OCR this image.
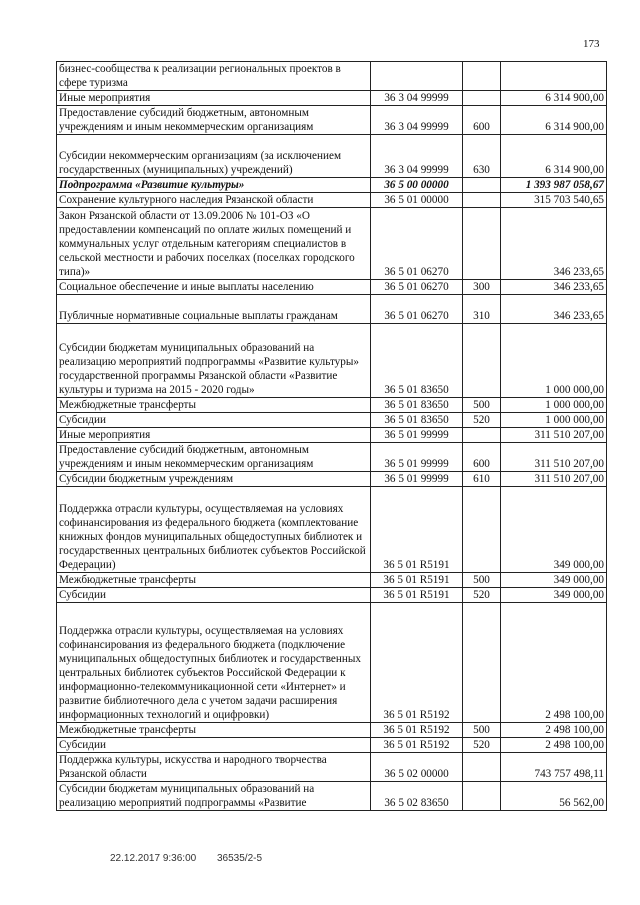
173
бизнес-сообщества к реализации региональных проектов в сфере туризма			
Иные мероприятия	36 3 04 99999		6 314 900,00
Предоставление субсидий бюджетным, автономным учреждениям и иным некоммерческим организациям	36 3 04 99999	600	6 314 900,00
Субсидии некоммерческим организациям (за исключением государственных (муниципальных) учреждений)	36 3 04 99999	630	6 314 900,00
Подпрограмма «Развитие культуры»	36 5 00 00000		1 393 987 058,67
Сохранение культурного наследия Рязанской области	36 5 01 00000		315 703 540,65
Закон Рязанской области от 13.09.2006 № 101-ОЗ «О предоставлении компенсаций по оплате жилых помещений и коммунальных услуг отдельным категориям специалистов в сельской местности и рабочих поселках (поселках городского типа)»	36 5 01 06270		346 233,65
Социальное обеспечение и иные выплаты населению	36 5 01 06270	300	346 233,65
Публичные нормативные социальные выплаты гражданам	36 5 01 06270	310	346 233,65
Субсидии бюджетам муниципальных образований на реализацию мероприятий подпрограммы «Развитие культуры» государственной программы Рязанской области «Развитие культуры и туризма на 2015 - 2020 годы»	36 5 01 83650		1 000 000,00
Межбюджетные трансферты	36 5 01 83650	500	1 000 000,00
Субсидии	36 5 01 83650	520	1 000 000,00
Иные мероприятия	36 5 01 99999		311 510 207,00
Предоставление субсидий бюджетным, автономным учреждениям и иным некоммерческим организациям	36 5 01 99999	600	311 510 207,00
Субсидии бюджетным учреждениям	36 5 01 99999	610	311 510 207,00
Поддержка отрасли культуры, осуществляемая на условиях софинансирования из федерального бюджета (комплектование книжных фондов муниципальных общедоступных библиотек и государственных центральных библиотек субъектов Российской Федерации)	36 5 01 R5191		349 000,00
Межбюджетные трансферты	36 5 01 R5191	500	349 000,00
Субсидии	36 5 01 R5191	520	349 000,00
Поддержка отрасли культуры, осуществляемая на условиях софинансирования из федерального бюджета (подключение муниципальных общедоступных библиотек и государственных центральных библиотек субъектов Российской Федерации к информационно-телекоммуникационной сети «Интернет» и развитие библиотечного дела с учетом задачи расширения информационных технологий и оцифровки)	36 5 01 R5192		2 498 100,00
Межбюджетные трансферты	36 5 01 R5192	500	2 498 100,00
Субсидии	36 5 01 R5192	520	2 498 100,00
Поддержка культуры, искусства и народного творчества Рязанской области	36 5 02 00000		743 757 498,11
Субсидии бюджетам муниципальных образований на реализацию мероприятий подпрограммы «Развитие	36 5 02 83650		56 562,00
22.12.2017 9:36:00 36535/2-5
